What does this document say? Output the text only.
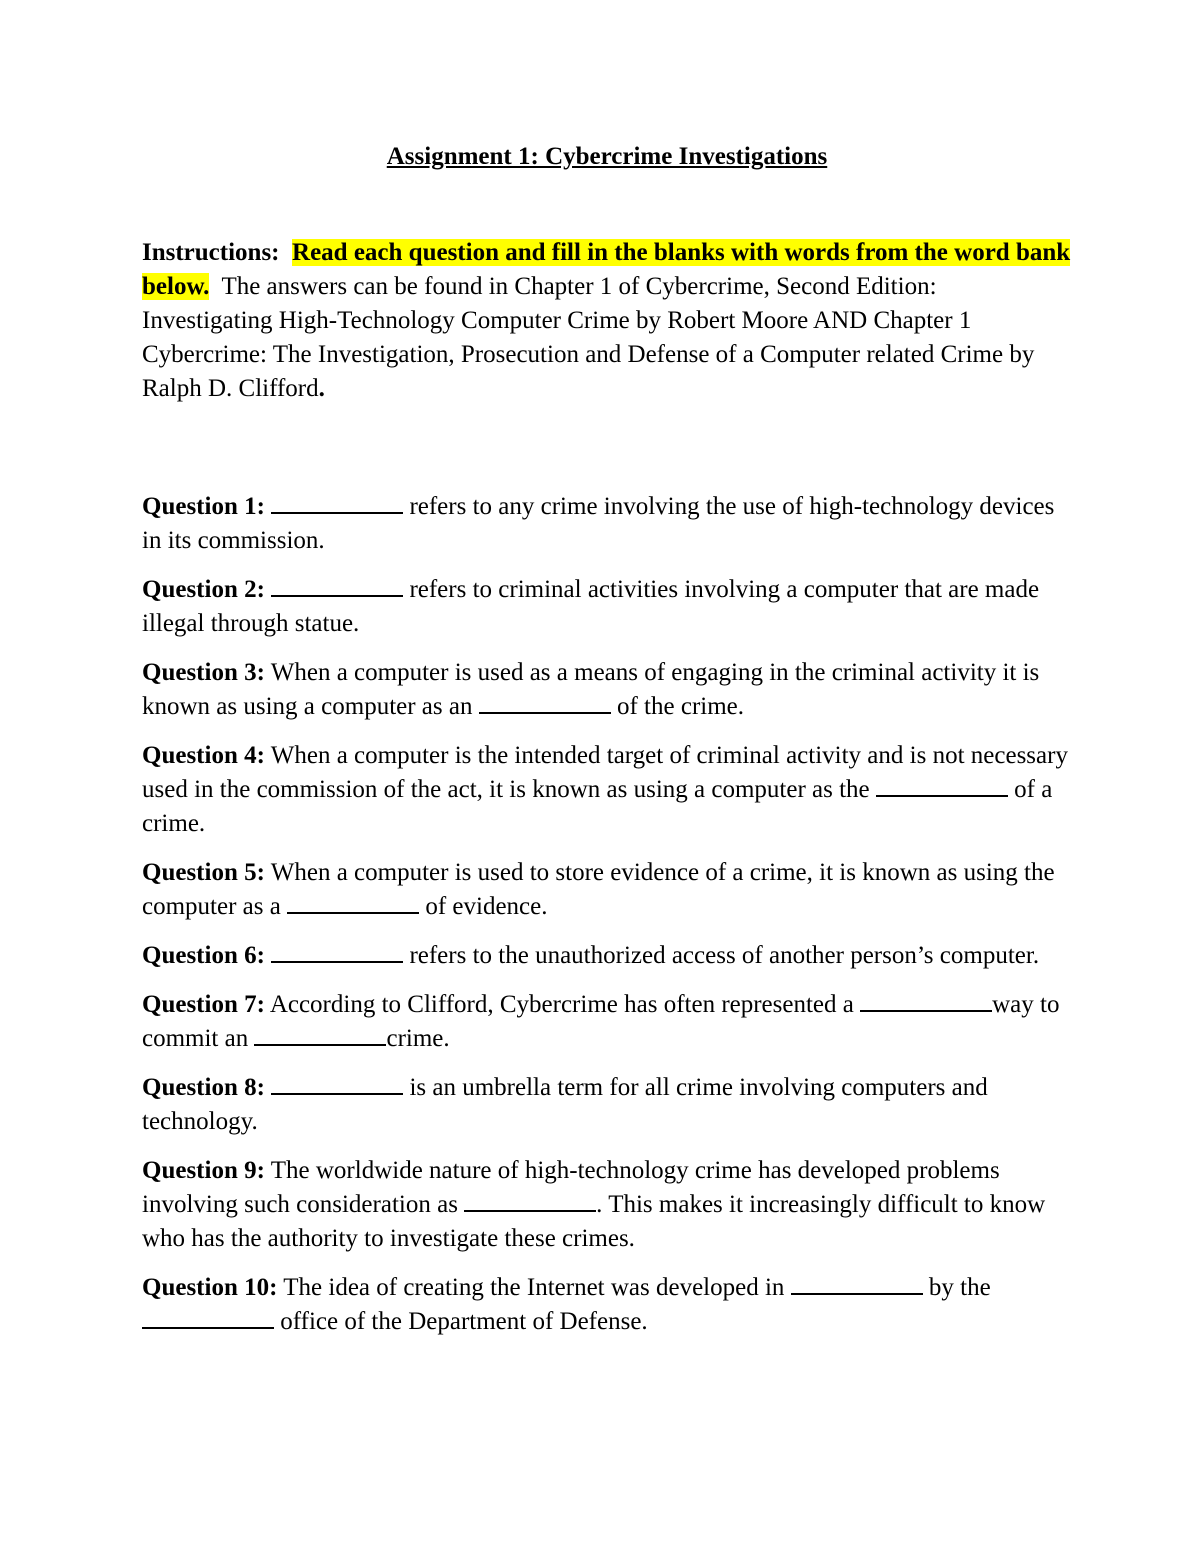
Assignment 1: Cybercrime Investigations
Instructions: Read each question and fill in the blanks with words from the word bank below. The answers can be found in Chapter 1 of Cybercrime, Second Edition: Investigating High-Technology Computer Crime by Robert Moore AND Chapter 1 Cybercrime: The Investigation, Prosecution and Defense of a Computer related Crime by Ralph D. Clifford.
Question 1:	refers to any crime involving the use of high-technology devices in its commission.
Question 2:	refers to criminal activities involving a computer that are made illegal through statue.
Question 3: When a computer is used as a means of engaging in the criminal activity it is known as using a computer as an	of the crime.
Question 4: When a computer is the intended target of criminal activity and is not necessary used in the commission of the act, it is known as using a computer as the	of a crime.
Question 5: When a computer is used to store evidence of a crime, it is known as using the computer as a	of evidence.
Question 6:	refers to the unauthorized access of another person’s computer.
Question 7: According to Clifford, Cybercrime has often represented a	way to commit an	crime.
Question 8:	is an umbrella term for all crime involving computers and technology.
Question 9: The worldwide nature of high-technology crime has developed problems involving such consideration as	. This makes it increasingly difficult to know who has the authority to investigate these crimes.
Question 10: The idea of creating the Internet was developed in	by the  office of the Department of Defense.
